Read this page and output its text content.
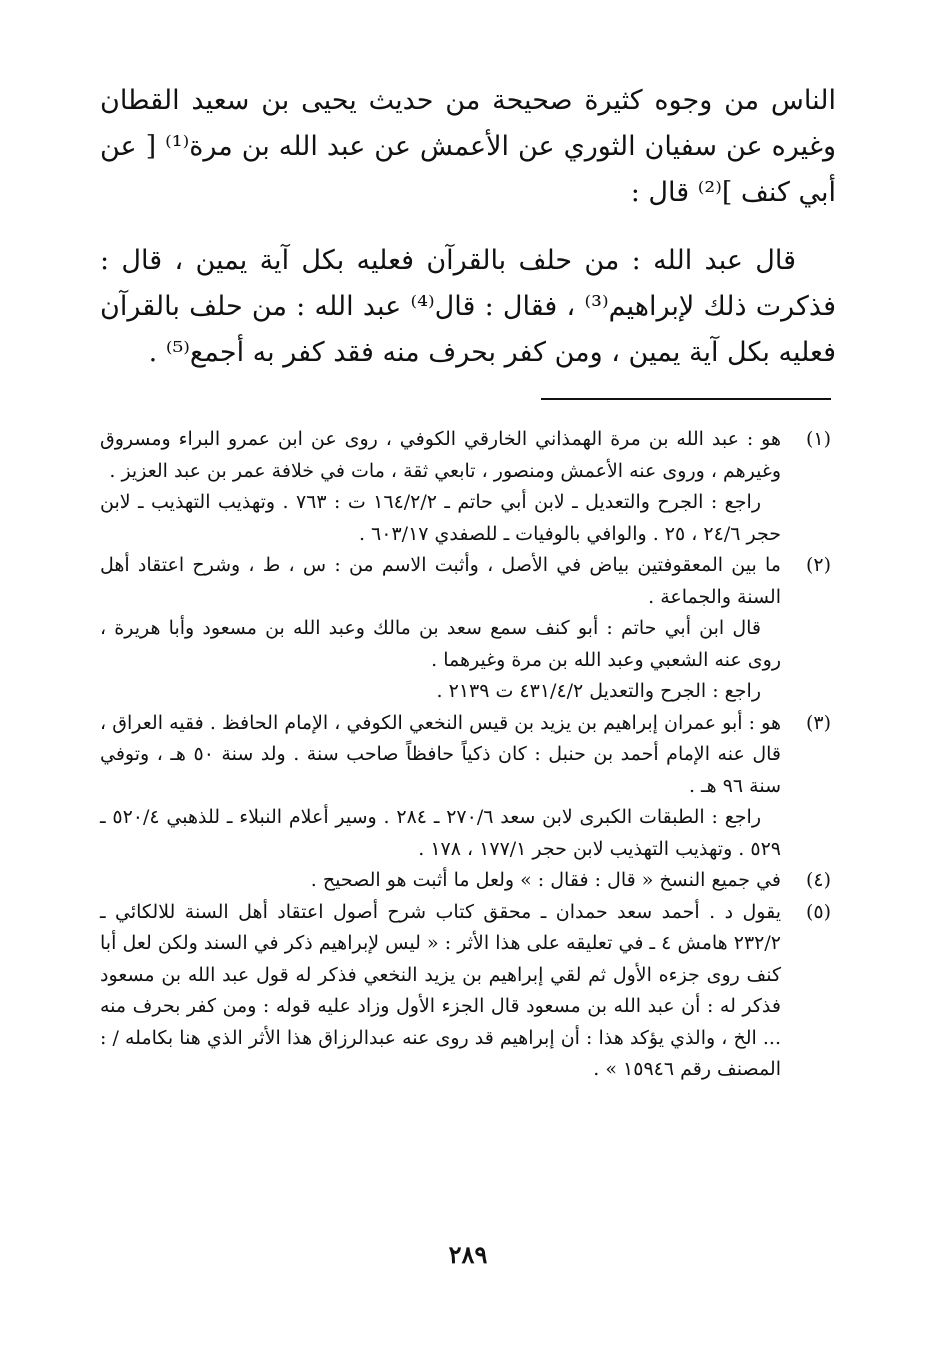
الناس من وجوه كثيرة صحيحة من حديث يحيى بن سعيد القطان وغيره عن سفيان الثوري عن الأعمش عن عبد الله بن مرة⁽¹⁾ [ عن أبي كنف ]⁽²⁾ قال :

قال عبد الله : من حلف بالقرآن فعليه بكل آية يمين ، قال : فذكرت ذلك لإبراهيم⁽³⁾ ، فقال : قال⁽⁴⁾ عبد الله : من حلف بالقرآن فعليه بكل آية يمين ، ومن كفر بحرف منه فقد كفر به أجمع⁽⁵⁾ .

(١)

هو : عبد الله بن مرة الهمذاني الخارقي الكوفي ، روى عن ابن عمرو البراء ومسروق وغيرهم ، وروى عنه الأعمش ومنصور ، تابعي ثقة ، مات في خلافة عمر بن عبد العزيز .

راجع : الجرح والتعديل ـ لابن أبي حاتم ـ ١٦٤/٢/٢ ت : ٧٦٣ . وتهذيب التهذيب ـ لابن حجر ٢٤/٦ ، ٢٥ . والوافي بالوفيات ـ للصفدي ٦٠٣/١٧ .

(٢)

ما بين المعقوفتين بياض في الأصل ، وأثبت الاسم من : س ، ط ، وشرح اعتقاد أهل السنة والجماعة .

قال ابن أبي حاتم : أبو كنف سمع سعد بن مالك وعبد الله بن مسعود وأبا هريرة ، روى عنه الشعبي وعبد الله بن مرة وغيرهما .

راجع : الجرح والتعديل ٤٣١/٤/٢ ت ٢١٣٩ .

(٣)

هو : أبو عمران إبراهيم بن يزيد بن قيس النخعي الكوفي ، الإمام الحافظ . فقيه العراق ، قال عنه الإمام أحمد بن حنبل : كان ذكياً حافظاً صاحب سنة . ولد سنة ٥٠ هـ ، وتوفي سنة ٩٦ هـ .

راجع : الطبقات الكبرى لابن سعد ٢٧٠/٦ ـ ٢٨٤ . وسير أعلام النبلاء ـ للذهبي ٥٢٠/٤ ـ ٥٢٩ . وتهذيب التهذيب لابن حجر ١٧٧/١ ، ١٧٨ .

(٤)

في جميع النسخ « قال : فقال : » ولعل ما أثبت هو الصحيح .

(٥)

يقول د . أحمد سعد حمدان ـ محقق كتاب شرح أصول اعتقاد أهل السنة للالكائي ـ ٢٣٢/٢ هامش ٤ ـ في تعليقه على هذا الأثر : « ليس لإبراهيم ذكر في السند ولكن لعل أبا كنف روى جزءه الأول ثم لقي إبراهيم بن يزيد النخعي فذكر له قول عبد الله بن مسعود فذكر له : أن عبد الله بن مسعود قال الجزء الأول وزاد عليه قوله : ومن كفر بحرف منه ... الخ ، والذي يؤكد هذا : أن إبراهيم قد روى عنه عبدالرزاق هذا الأثر الذي هنا بكامله / : المصنف رقم ١٥٩٤٦ » .

٢٨٩
